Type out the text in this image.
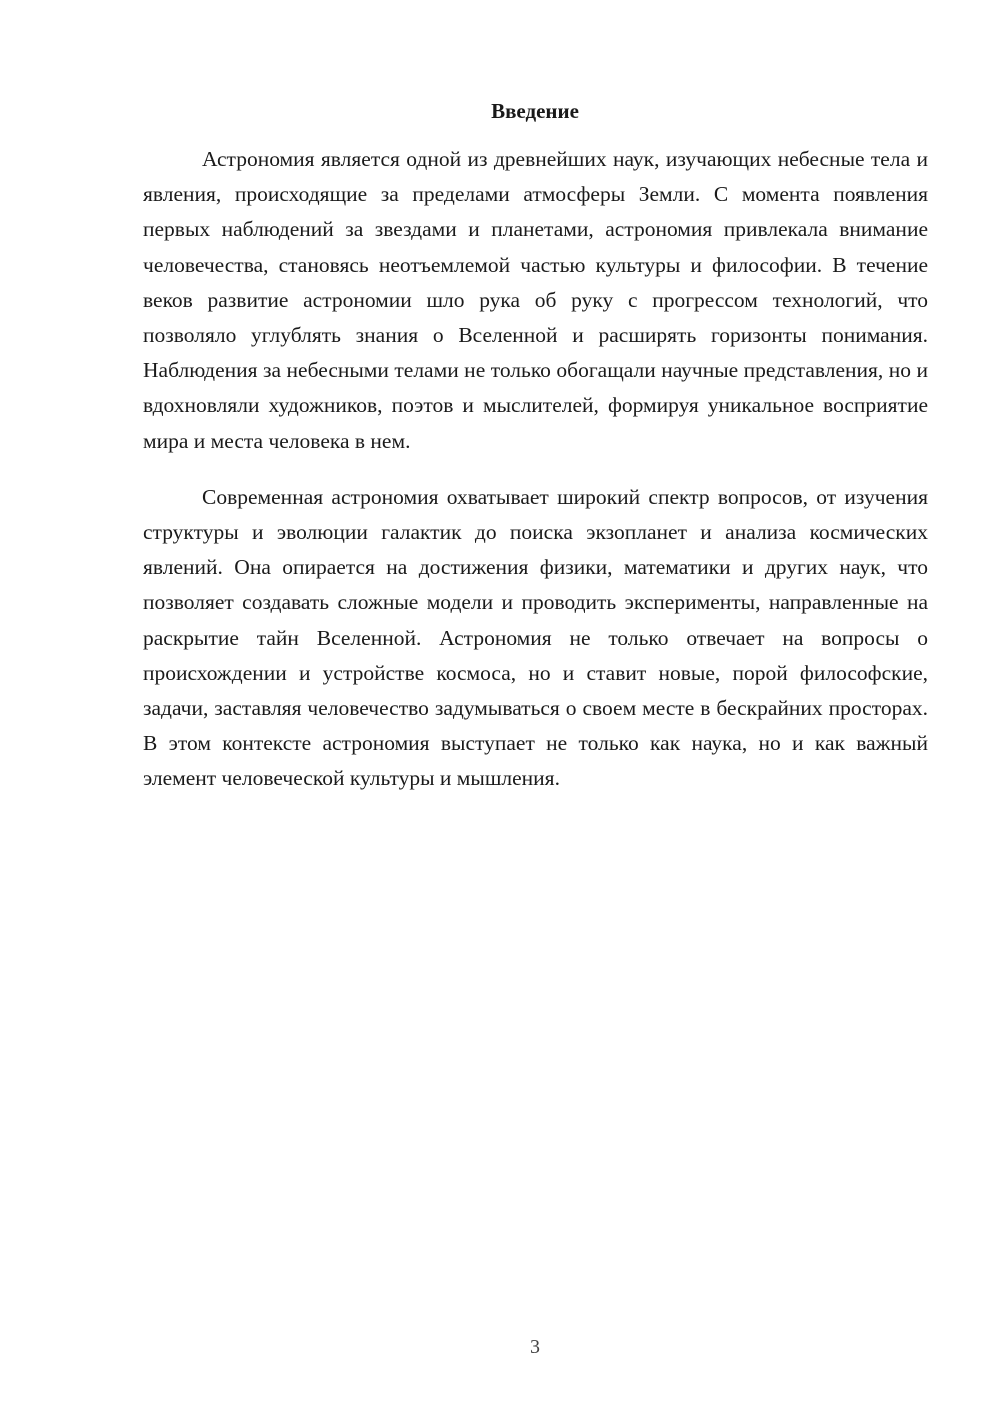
Введение

Астрономия является одной из древнейших наук, изучающих небесные тела и явления, происходящие за пределами атмосферы Земли. С момента появления первых наблюдений за звездами и планетами, астрономия привлекала внимание человечества, становясь неотъемлемой частью культуры и философии. В течение веков развитие астрономии шло рука об руку с прогрессом технологий, что позволяло углублять знания о Вселенной и расширять горизонты понимания. Наблюдения за небесными телами не только обогащали научные представления, но и вдохновляли художников, поэтов и мыслителей, формируя уникальное восприятие мира и места человека в нем.

Современная астрономия охватывает широкий спектр вопросов, от изучения структуры и эволюции галактик до поиска экзопланет и анализа космических явлений. Она опирается на достижения физики, математики и других наук, что позволяет создавать сложные модели и проводить эксперименты, направленные на раскрытие тайн Вселенной. Астрономия не только отвечает на вопросы о происхождении и устройстве космоса, но и ставит новые, порой философские, задачи, заставляя человечество задумываться о своем месте в бескрайних просторах. В этом контексте астрономия выступает не только как наука, но и как важный элемент человеческой культуры и мышления.

3
